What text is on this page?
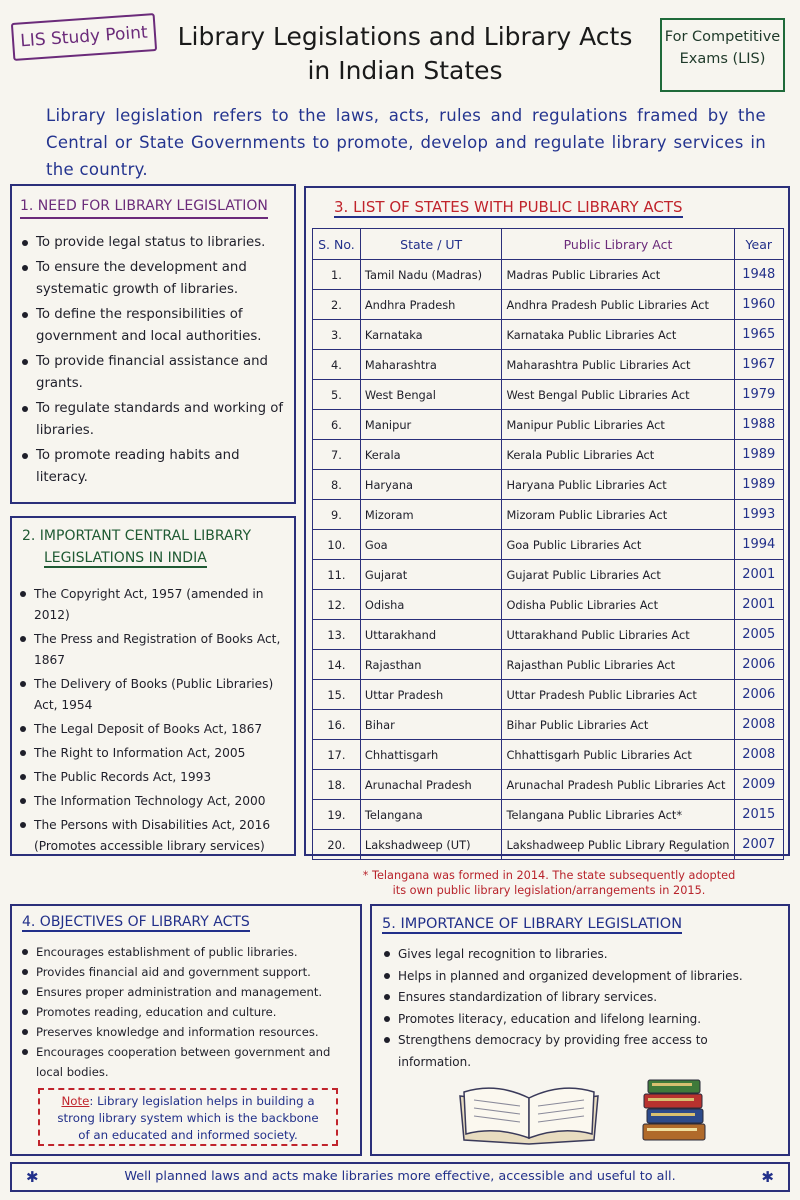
LIS Study Point	Library Legislations and Library Acts
in Indian States
For Competitive
Exams (LIS)
Library legislation refers to the laws, acts, rules and regulations framed by the Central or State Governments to promote, develop and regulate library services in the country.
1. NEED FOR LIBRARY LEGISLATION
To provide legal status to libraries.
To ensure the development and systematic growth of libraries.
To define the responsibilities of government and local authorities.
To provide financial assistance and grants.
To regulate standards and working of libraries.
To promote reading habits and literacy.
2. IMPORTANT CENTRAL LIBRARY
LEGISLATIONS IN INDIA
The Copyright Act, 1957 (amended in 2012)
The Press and Registration of Books Act, 1867
The Delivery of Books (Public Libraries) Act, 1954
The Legal Deposit of Books Act, 1867
The Right to Information Act, 2005
The Public Records Act, 1993
The Information Technology Act, 2000
The Persons with Disabilities Act, 2016 (Promotes accessible library services)
3. LIST OF STATES WITH PUBLIC LIBRARY ACTS
S. No.	State / UT	Public Library Act	Year
1.	Tamil Nadu (Madras)	Madras Public Libraries Act	1948
2.	Andhra Pradesh	Andhra Pradesh Public Libraries Act	1960
3.	Karnataka	Karnataka Public Libraries Act	1965
4.	Maharashtra	Maharashtra Public Libraries Act	1967
5.	West Bengal	West Bengal Public Libraries Act	1979
6.	Manipur	Manipur Public Libraries Act	1988
7.	Kerala	Kerala Public Libraries Act	1989
8.	Haryana	Haryana Public Libraries Act	1989
9.	Mizoram	Mizoram Public Libraries Act	1993
10.	Goa	Goa Public Libraries Act	1994
11.	Gujarat	Gujarat Public Libraries Act	2001
12.	Odisha	Odisha Public Libraries Act	2001
13.	Uttarakhand	Uttarakhand Public Libraries Act	2005
14.	Rajasthan	Rajasthan Public Libraries Act	2006
15.	Uttar Pradesh	Uttar Pradesh Public Libraries Act	2006
16.	Bihar	Bihar Public Libraries Act	2008
17.	Chhattisgarh	Chhattisgarh Public Libraries Act	2008
18.	Arunachal Pradesh	Arunachal Pradesh Public Libraries Act	2009
19.	Telangana	Telangana Public Libraries Act*	2015
20.	Lakshadweep (UT)	Lakshadweep Public Library Regulation	2007
* Telangana was formed in 2014. The state subsequently adopted
its own public library legislation/arrangements in 2015.
4. OBJECTIVES OF LIBRARY ACTS
Encourages establishment of public libraries.
Provides financial aid and government support.
Ensures proper administration and management.
Promotes reading, education and culture.
Preserves knowledge and information resources.
Encourages cooperation between government and local bodies.
Note: Library legislation helps in building a
strong library system which is the backbone
of an educated and informed society.
5. IMPORTANCE OF LIBRARY LEGISLATION
Gives legal recognition to libraries.
Helps in planned and organized development of libraries.
Ensures standardization of library services.
Promotes literacy, education and lifelong learning.
Strengthens democracy by providing free access to information.
✱	Well planned laws and acts make libraries more effective, accessible and useful to all.	✱
